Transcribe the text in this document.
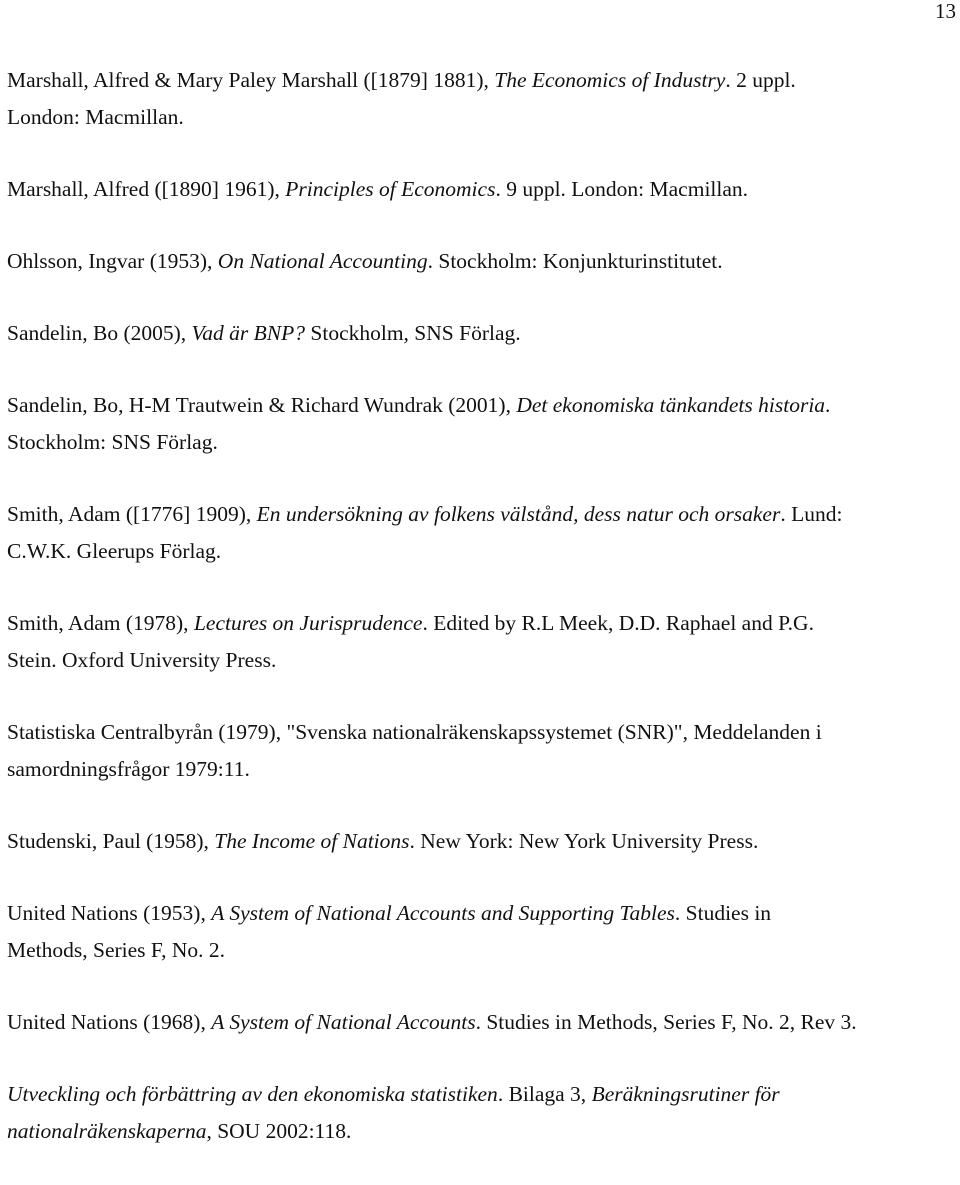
13
Marshall, Alfred & Mary Paley Marshall ([1879] 1881), The Economics of Industry. 2 uppl. London: Macmillan.
Marshall, Alfred ([1890] 1961), Principles of Economics. 9 uppl. London: Macmillan.
Ohlsson, Ingvar (1953), On National Accounting. Stockholm: Konjunkturinstitutet.
Sandelin, Bo (2005), Vad är BNP? Stockholm, SNS Förlag.
Sandelin, Bo, H-M Trautwein & Richard Wundrak (2001), Det ekonomiska tänkandets historia. Stockholm: SNS Förlag.
Smith, Adam ([1776] 1909), En undersökning av folkens välstånd, dess natur och orsaker. Lund: C.W.K. Gleerups Förlag.
Smith, Adam (1978), Lectures on Jurisprudence. Edited by R.L Meek, D.D. Raphael and P.G. Stein. Oxford University Press.
Statistiska Centralbyrån (1979), "Svenska nationalräkenskapssystemet (SNR)", Meddelanden i samordningsfrågor 1979:11.
Studenski, Paul (1958), The Income of Nations. New York: New York University Press.
United Nations (1953), A System of National Accounts and Supporting Tables. Studies in Methods, Series F, No. 2.
United Nations (1968), A System of National Accounts. Studies in Methods, Series F, No. 2, Rev 3.
Utveckling och förbättring av den ekonomiska statistiken. Bilaga 3, Beräkningsrutiner för nationalräkenskaperna, SOU 2002:118.
